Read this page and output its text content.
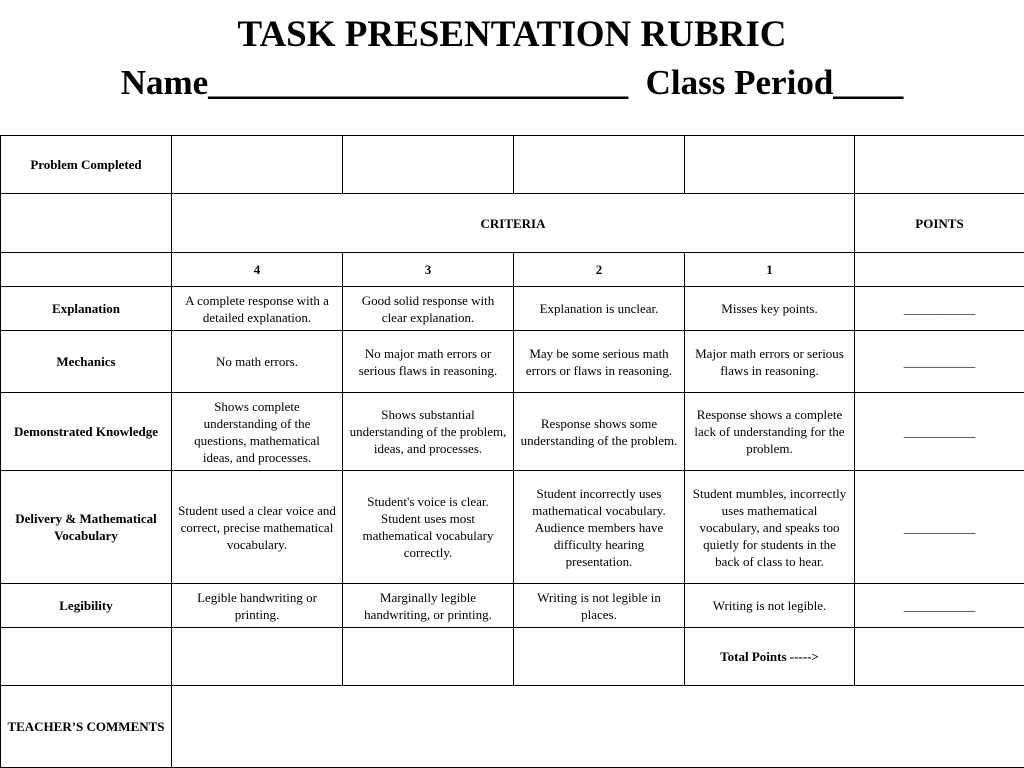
TASK PRESENTATION RUBRIC
Name________________________ Class Period____
Problem Completed					
	CRITERIA				POINTS
	4	3	2	1	
Explanation	A complete response with a detailed explanation.	Good solid response with clear explanation.	Explanation is unclear.	Misses key points.	___________
Mechanics	No math errors.	No major math errors or serious flaws in reasoning.	May be some serious math errors or flaws in reasoning.	Major math errors or serious flaws in reasoning.	___________
Demonstrated Knowledge	Shows complete understanding of the questions, mathematical ideas, and processes.	Shows substantial understanding of the problem, ideas, and processes.	Response shows some understanding of the problem.	Response shows a complete lack of understanding for the problem.	___________
Delivery & Mathematical Vocabulary	Student used a clear voice and correct, precise mathematical vocabulary.	Student's voice is clear. Student uses most mathematical vocabulary correctly.	Student incorrectly uses mathematical vocabulary. Audience members have difficulty hearing presentation.	Student mumbles, incorrectly uses mathematical vocabulary, and speaks too quietly for students in the back of class to hear.	___________
Legibility	Legible handwriting or printing.	Marginally legible handwriting, or printing.	Writing is not legible in places.	Writing is not legible.	___________
				Total Points ----->	
TEACHER’S COMMENTS					
